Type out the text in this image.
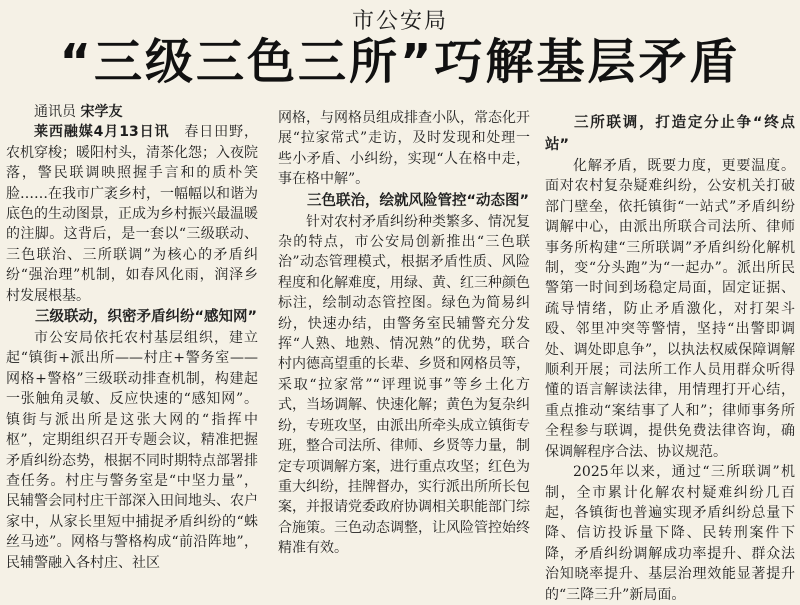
市公安局
“三级三色三所”巧解基层矛盾

通讯员 宋学友

莱西融媒4月13日讯　 春日田野，农机穿梭；暖阳村头，清茶化怨；入夜院落，警民联调映照握手言和的质朴笑脸……在我市广袤乡村，一幅幅以和谐为底色的生动图景，正成为乡村振兴最温暖的注脚。这背后，是一套以“三级联动、三色联治、三所联调”为核心的矛盾纠纷“强治理”机制，如春风化雨，润泽乡村发展根基。

三级联动，织密矛盾纠纷“感知网”

市公安局依托农村基层组织，建立起“镇街+派出所——村庄+警务室——网格+警格”三级联动排查机制，构建起一张触角灵敏、反应快速的“感知网”。镇街与派出所是这张大网的“指挥中枢”，定期组织召开专题会议，精准把握矛盾纠纷态势，根据不同时期特点部署排查任务。村庄与警务室是“中坚力量”，民辅警会同村庄干部深入田间地头、农户家中，从家长里短中捕捉矛盾纠纷的“蛛丝马迹”。网格与警格构成“前沿阵地”，民辅警融入各村庄、社区

网格，与网格员组成排查小队，常态化开展“拉家常式”走访，及时发现和处理一些小矛盾、小纠纷，实现“人在格中走，事在格中解”。

三色联治，绘就风险管控“动态图”

针对农村矛盾纠纷种类繁多、情况复杂的特点，市公安局创新推出“三色联治”动态管理模式，根据矛盾性质、风险程度和化解难度，用绿、黄、红三种颜色标注，绘制动态管控图。绿色为简易纠纷，快速办结，由警务室民辅警充分发挥“人熟、地熟、情况熟”的优势，联合村内德高望重的长辈、乡贤和网格员等，采取“拉家常”“评理说事”等乡土化方式，当场调解、快速化解；黄色为复杂纠纷，专班攻坚，由派出所牵头成立镇街专班，整合司法所、律师、乡贤等力量，制定专项调解方案，进行重点攻坚；红色为重大纠纷，挂牌督办，实行派出所所长包案，并报请党委政府协调相关职能部门综合施策。三色动态调整，让风险管控始终精准有效。

三所联调，打造定分止争“终点站”

化解矛盾，既要力度，更要温度。面对农村复杂疑难纠纷，公安机关打破部门壁垒，依托镇街“一站式”矛盾纠纷调解中心，由派出所联合司法所、律师事务所构建“三所联调”矛盾纠纷化解机制，变“分头跑”为“一起办”。派出所民警第一时间到场稳定局面，固定证据、疏导情绪，防止矛盾激化，对打架斗殴、邻里冲突等警情，坚持“出警即调处、调处即息争”，以执法权威保障调解顺利开展；司法所工作人员用群众听得懂的语言解读法律，用情理打开心结，重点推动“案结事了人和”；律师事务所全程参与联调，提供免费法律咨询，确保调解程序合法、协议规范。

2025年以来，通过“三所联调”机制，全市累计化解农村疑难纠纷几百起，各镇街也普遍实现矛盾纠纷总量下降、信访投诉量下降、民转刑案件下降，矛盾纠纷调解成功率提升、群众法治知晓率提升、基层治理效能显著提升的“三降三升”新局面。
